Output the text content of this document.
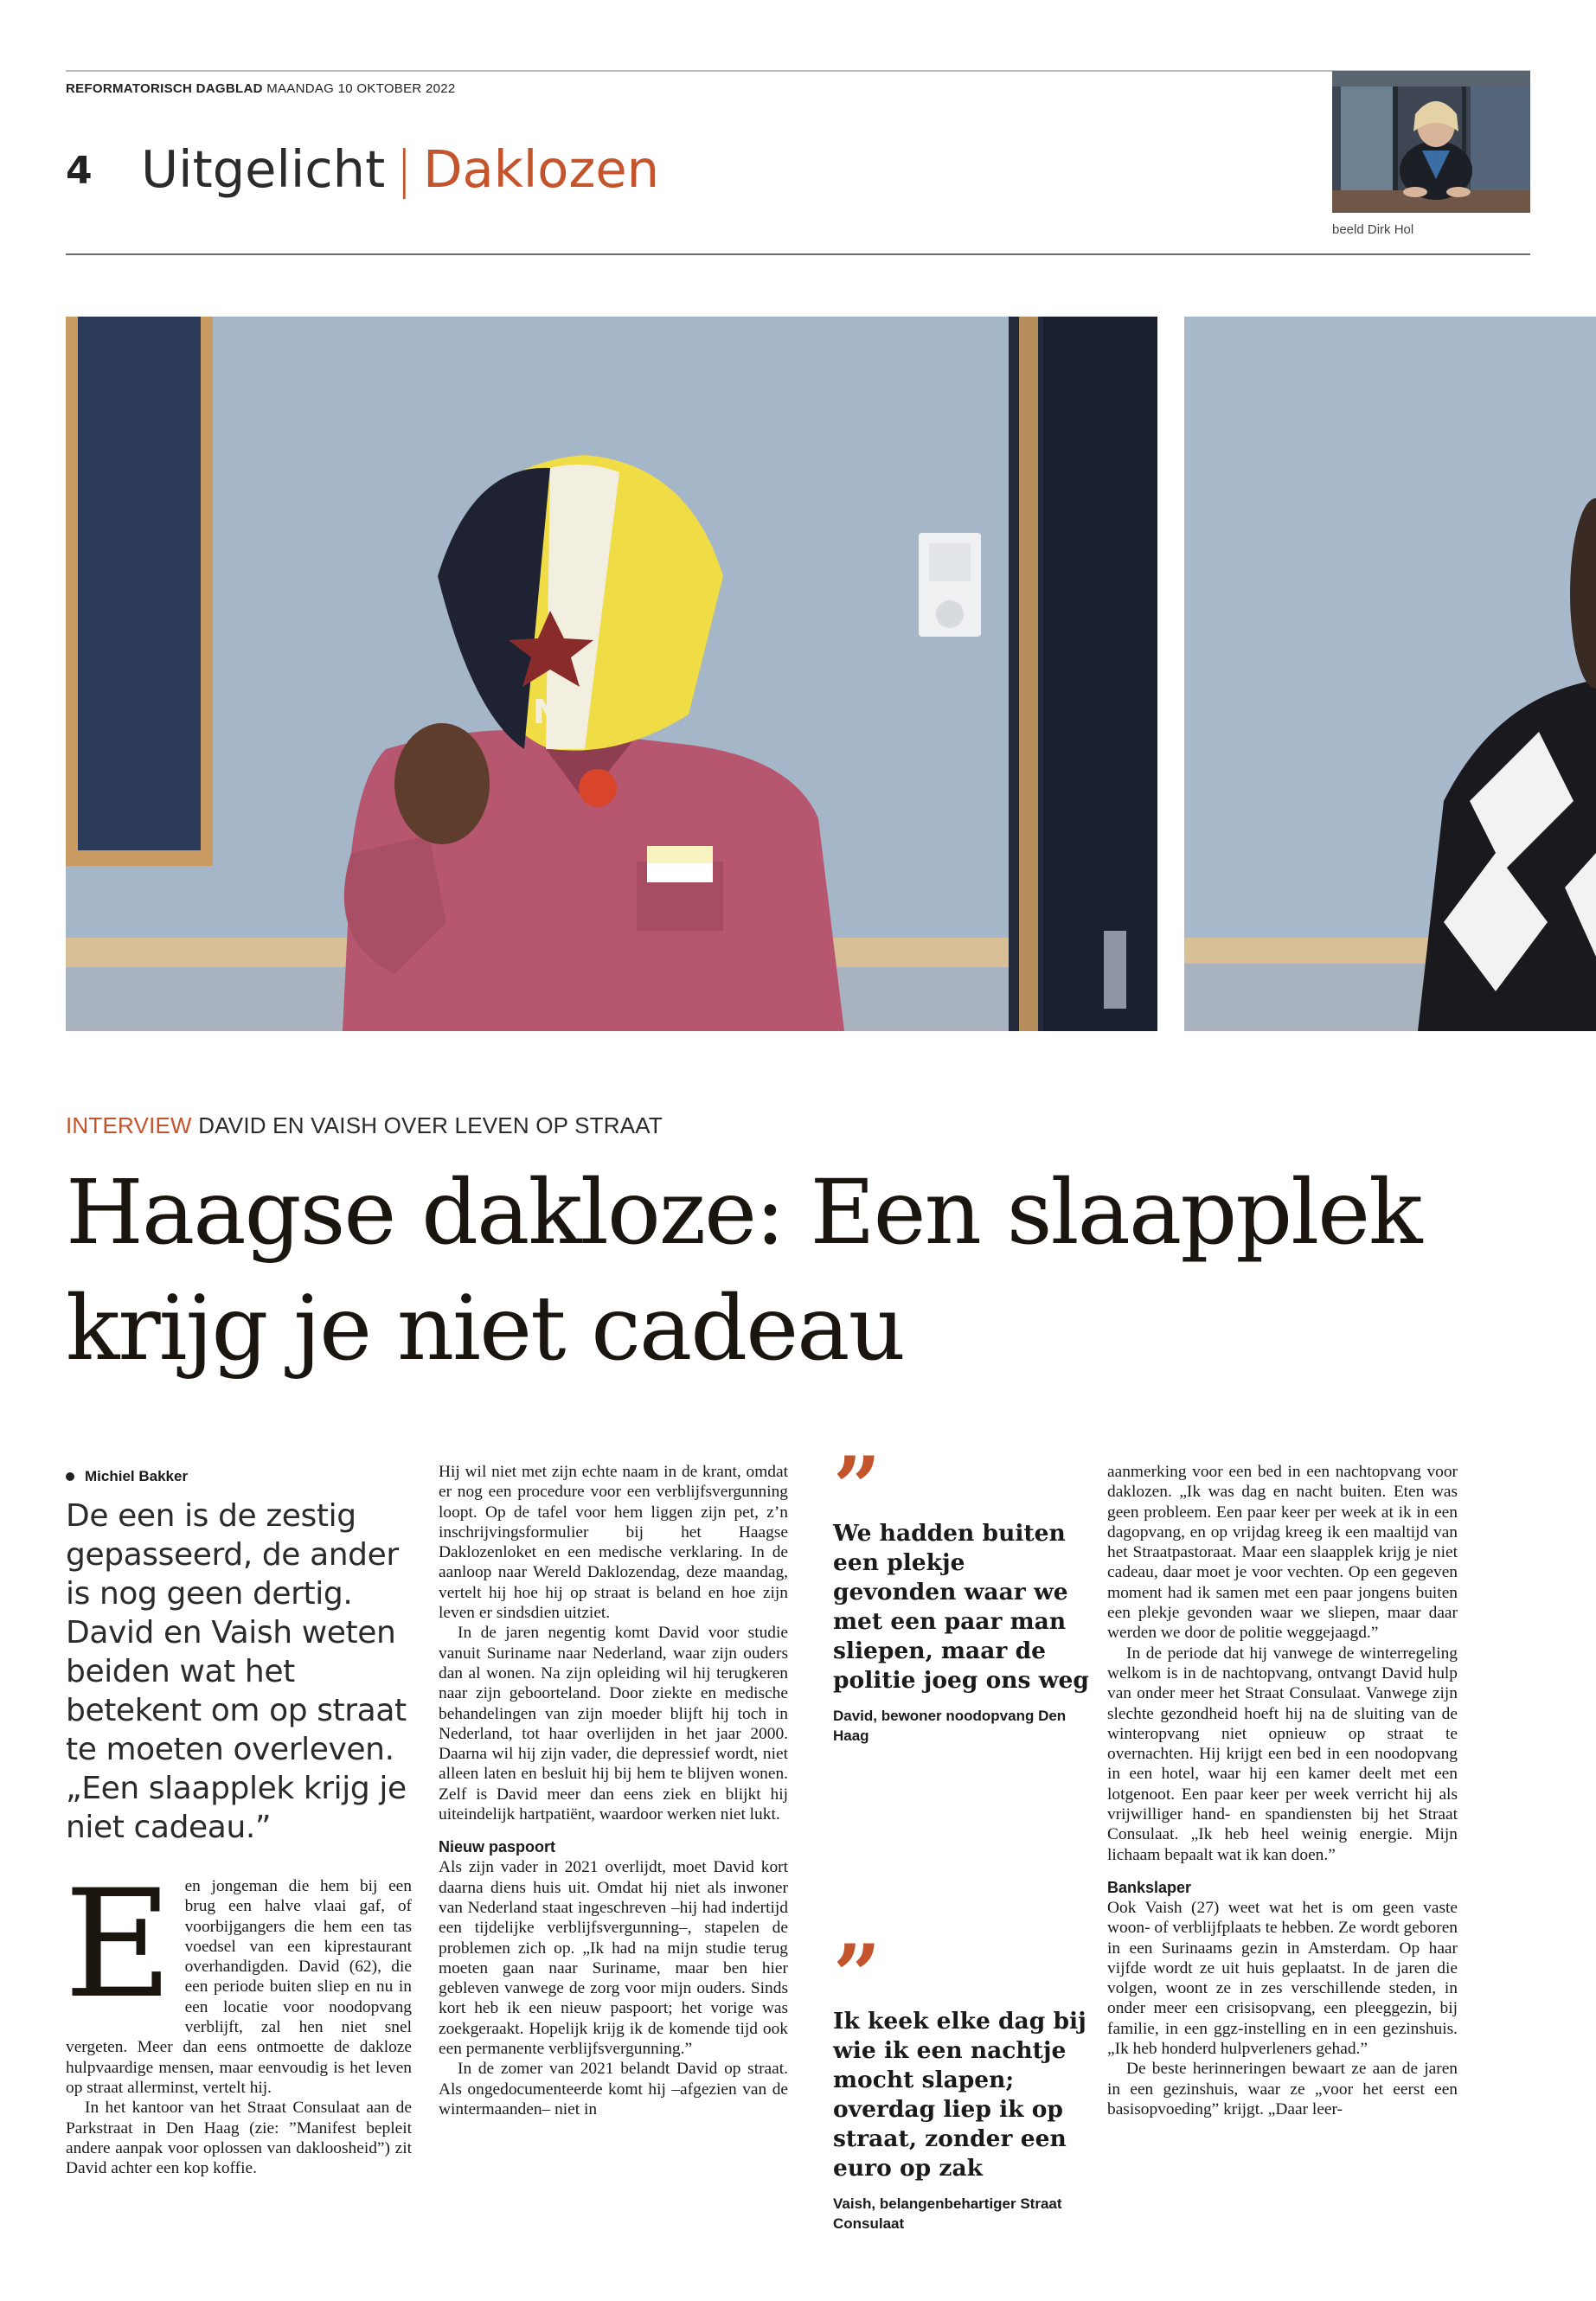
REFORMATORISCH DAGBLAD MAANDAG 10 OKTOBER 2022
4 Uitgelicht | Daklozen
beeld Dirk Hol
NY
INTERVIEW DAVID EN VAISH OVER LEVEN OP STRAAT
Haagse dakloze: Een slaapplek
krijg je niet cadeau
Michiel Bakker
De een is de zestig gepasseerd, de ander is nog geen dertig. David en Vaish weten beiden wat het betekent om op straat te moeten overleven. „Een slaapplek krijg je niet cadeau.”
E en jongeman die hem bij een brug een halve vlaai gaf, of voorbijgangers die hem een tas voedsel van een kiprestaurant overhandigden. David (62), die een periode buiten sliep en nu in een locatie voor noodopvang verblijft, zal hen niet snel vergeten. Meer dan eens ontmoette de dakloze hulpvaardige mensen, maar eenvoudig is het leven op straat allerminst, vertelt hij.

In het kantoor van het Straat Consulaat aan de Parkstraat in Den Haag (zie: ”Manifest bepleit andere aanpak voor oplossen van dakloosheid”) zit David achter een kop koffie.

Hij wil niet met zijn echte naam in de krant, omdat er nog een procedure voor een verblijfsvergunning loopt. Op de tafel voor hem liggen zijn pet, z’n inschrijvingsformulier bij het Haagse Daklozenloket en een medische verklaring. In de aanloop naar Wereld Daklozendag, deze maandag, vertelt hij hoe hij op straat is beland en hoe zijn leven er sindsdien uitziet.

In de jaren negentig komt David voor studie vanuit Suriname naar Nederland, waar zijn ouders dan al wonen. Na zijn opleiding wil hij terugkeren naar zijn geboorteland. Door ziekte en medische behandelingen van zijn moeder blijft hij toch in Nederland, tot haar overlijden in het jaar 2000. Daarna wil hij zijn vader, die depressief wordt, niet alleen laten en besluit hij bij hem te blijven wonen. Zelf is David meer dan eens ziek en blijkt hij uiteindelijk hartpatiënt, waardoor werken niet lukt.

Nieuw paspoort

Als zijn vader in 2021 overlijdt, moet David kort daarna diens huis uit. Omdat hij niet als inwoner van Nederland staat ingeschreven –hij had indertijd een tijdelijke verblijfsvergunning–, stapelen de problemen zich op. „Ik had na mijn studie terug moeten gaan naar Suriname, maar ben hier gebleven vanwege de zorg voor mijn ouders. Sinds kort heb ik een nieuw paspoort; het vorige was zoekgeraakt. Hopelijk krijg ik de komende tijd ook een permanente verblijfsvergunning.”

In de zomer van 2021 belandt David op straat. Als ongedocumenteerde komt hij –afgezien van de wintermaanden– niet in

”
We hadden buiten een plekje gevonden waar we met een paar man sliepen, maar de politie joeg ons weg
David, bewoner noodopvang Den Haag
”
Ik keek elke dag bij wie ik een nachtje mocht slapen; overdag liep ik op straat, zonder een euro op zak
Vaish, belangenbehartiger Straat Consulaat

aanmerking voor een bed in een nachtopvang voor daklozen. „Ik was dag en nacht buiten. Eten was geen probleem. Een paar keer per week at ik in een dagopvang, en op vrijdag kreeg ik een maaltijd van het Straatpastoraat. Maar een slaapplek krijg je niet cadeau, daar moet je voor vechten. Op een gegeven moment had ik samen met een paar jongens buiten een plekje gevonden waar we sliepen, maar daar werden we door de politie weggejaagd.”

In de periode dat hij vanwege de winterregeling welkom is in de nachtopvang, ontvangt David hulp van onder meer het Straat Consulaat. Vanwege zijn slechte gezondheid hoeft hij na de sluiting van de winteropvang niet opnieuw op straat te overnachten. Hij krijgt een bed in een noodopvang in een hotel, waar hij een kamer deelt met een lotgenoot. Een paar keer per week verricht hij als vrijwilliger hand- en spandiensten bij het Straat Consulaat. „Ik heb heel weinig energie. Mijn lichaam bepaalt wat ik kan doen.”

Bankslaper

Ook Vaish (27) weet wat het is om geen vaste woon- of verblijfplaats te hebben. Ze wordt geboren in een Surinaams gezin in Amsterdam. Op haar vijfde wordt ze uit huis geplaatst. In de jaren die volgen, woont ze in zes verschillende steden, in onder meer een crisisopvang, een pleeggezin, bij familie, in een ggz-instelling en in een gezinshuis. „Ik heb honderd hulpverleners gehad.”

De beste herinneringen bewaart ze aan de jaren in een gezinshuis, waar ze „voor het eerst een basisopvoeding” krijgt. „Daar leer-
